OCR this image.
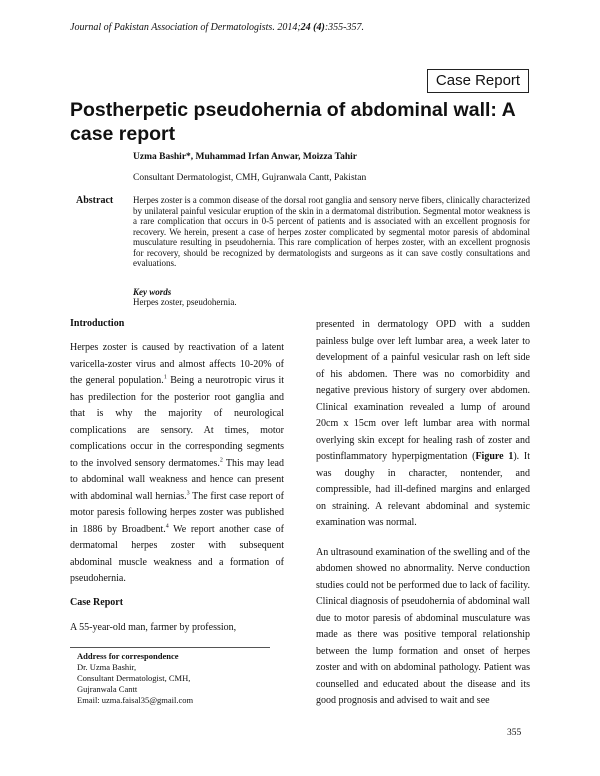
Journal of Pakistan Association of Dermatologists. 2014;24 (4):355-357.
Case Report
Postherpetic pseudohernia of abdominal wall: A case report
Uzma Bashir*, Muhammad Irfan Anwar, Moizza Tahir
Consultant Dermatologist, CMH, Gujranwala Cantt, Pakistan
Abstract Herpes zoster is a common disease of the dorsal root ganglia and sensory nerve fibers, clinically characterized by unilateral painful vesicular eruption of the skin in a dermatomal distribution. Segmental motor weakness is a rare complication that occurs in 0-5 percent of patients and is associated with an excellent prognosis for recovery. We herein, present a case of herpes zoster complicated by segmental motor paresis of abdominal musculature resulting in pseudohernia. This rare complication of herpes zoster, with an excellent prognosis for recovery, should be recognized by dermatologists and surgeons as it can save costly consultations and evaluations.
Key words
Herpes zoster, pseudohernia.
Introduction

Herpes zoster is caused by reactivation of a latent varicella-zoster virus and almost affects 10-20% of the general population.$^1$ Being a neurotropic virus it has predilection for the posterior root ganglia and that is why the majority of neurological complications are sensory. At times, motor complications occur in the corresponding segments to the involved sensory dermatomes.$^2$ This may lead to abdominal wall weakness and hence can present with abdominal wall hernias.$^3$ The first case report of motor paresis following herpes zoster was published in 1886 by Broadbent.$^4$ We report another case of dermatomal herpes zoster with subsequent abdominal muscle weakness and a formation of pseudohernia.

Case Report
A 55-year-old man, farmer by profession,

presented in dermatology OPD with a sudden painless bulge over left lumbar area, a week later to development of a painful vesicular rash on left side of his abdomen. There was no comorbidity and negative previous history of surgery over abdomen. Clinical examination revealed a lump of around 20cm x 15cm over left lumbar area with normal overlying skin except for healing rash of zoster and postinflammatory hyperpigmentation (Figure 1). It was doughy in character, nontender, and compressible, had ill-defined margins and enlarged on straining. A relevant abdominal and systemic examination was normal.

An ultrasound examination of the swelling and of the abdomen showed no abnormality. Nerve conduction studies could not be performed due to lack of facility. Clinical diagnosis of pseudohernia of abdominal wall due to motor paresis of abdominal musculature was made as there was positive temporal relationship between the lump formation and onset of herpes zoster and with on abdominal pathology. Patient was counselled and educated about the disease and its good prognosis and advised to wait and see

Address for correspondence
Dr. Uzma Bashir,
Consultant Dermatologist, CMH,
Gujranwala Cantt
Email: uzma.faisal35@gmail.com
355
